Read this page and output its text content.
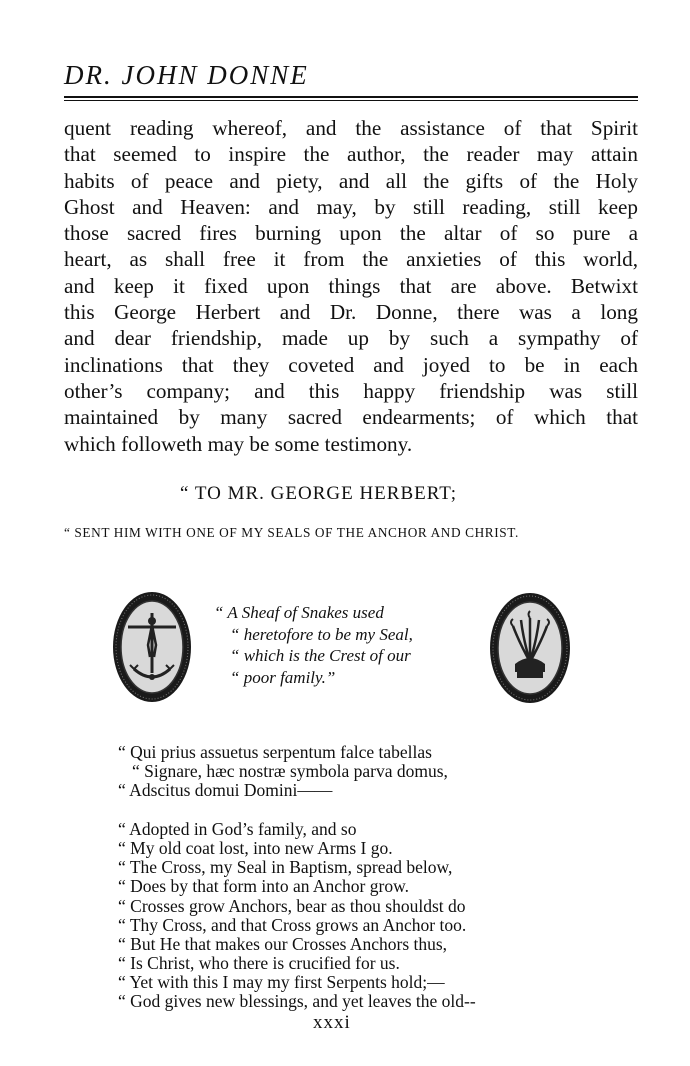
DR. JOHN DONNE
quent reading whereof, and the assistance of that Spirit
that seemed to inspire the author, the reader may attain
habits of peace and piety, and all the gifts of the Holy
Ghost and Heaven: and may, by still reading, still keep
those sacred fires burning upon the altar of so pure a
heart, as shall free it from the anxieties of this world,
and keep it fixed upon things that are above. Betwixt
this George Herbert and Dr. Donne, there was a long
and dear friendship, made up by such a sympathy of
inclinations that they coveted and joyed to be in each
other’s company; and this happy friendship was still
maintained by many sacred endearments; of which that
which followeth may be some testimony.
“ TO MR. GEORGE HERBERT;
“ SENT HIM WITH ONE OF MY SEALS OF THE ANCHOR AND CHRIST.
“ A Sheaf of Snakes used
“ heretofore to be my Seal,
“ which is the Crest of our
“ poor family.”
“ Qui prius assuetus serpentum falce tabellas
“ Signare, hæc nostræ symbola parva domus,
“ Adscitus domui Domini——
“ Adopted in God’s family, and so
“ My old coat lost, into new Arms I go.
“ The Cross, my Seal in Baptism, spread below,
“ Does by that form into an Anchor grow.
“ Crosses grow Anchors, bear as thou shouldst do
“ Thy Cross, and that Cross grows an Anchor too.
“ But He that makes our Crosses Anchors thus,
“ Is Christ, who there is crucified for us.
“ Yet with this I may my first Serpents hold;—
“ God gives new blessings, and yet leaves the old--
xxxi
